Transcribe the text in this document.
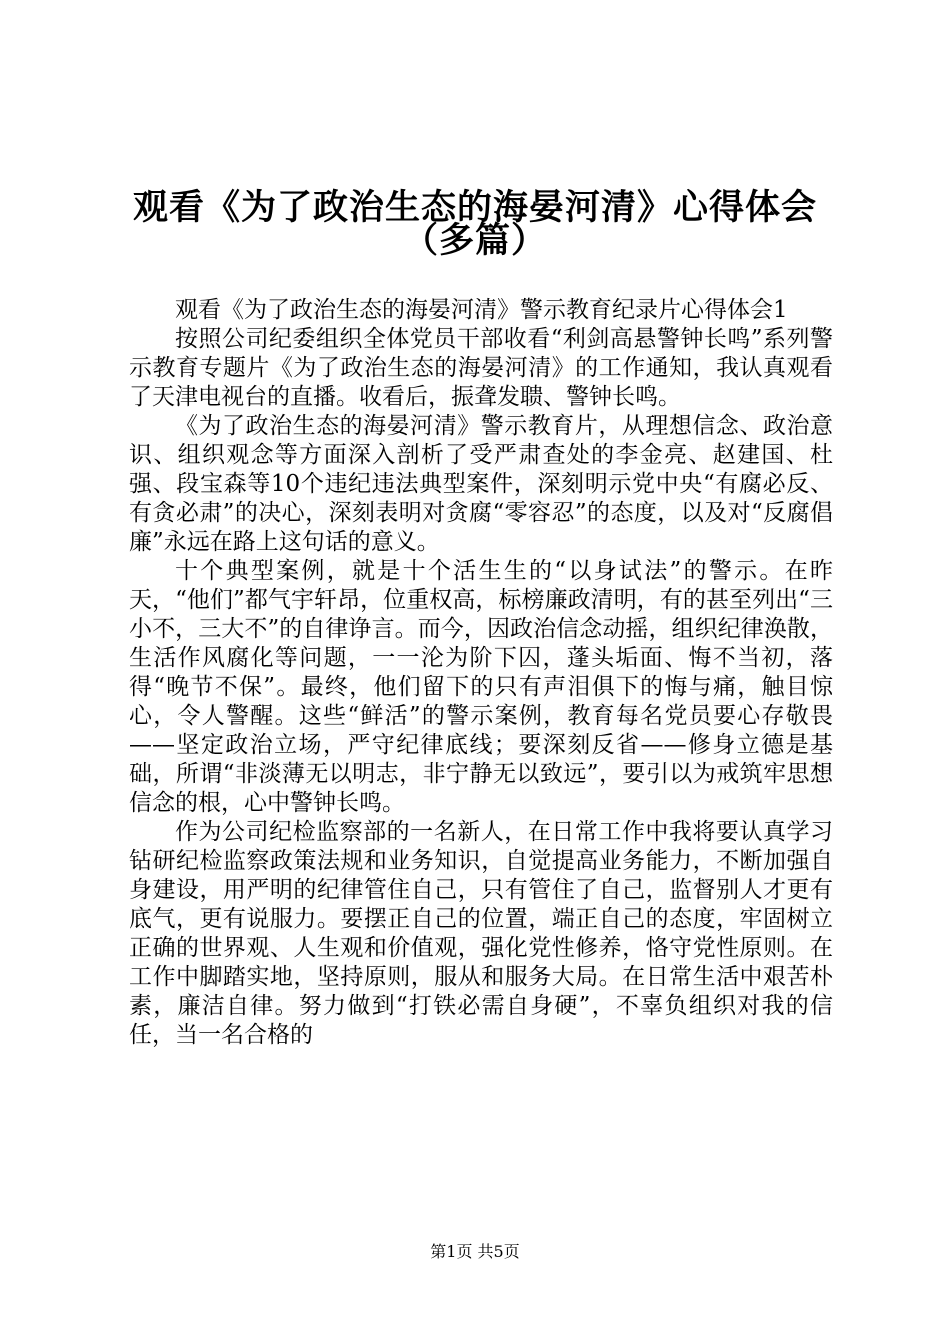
观看《为了政治生态的海晏河清》心得体会
（多篇）

观看《为了政治生态的海晏河清》警示教育纪录片心得体会1

按照公司纪委组织全体党员干部收看“利剑高悬警钟长鸣”系列警示教育专题片《为了政治生态的海晏河清》的工作通知，我认真观看了天津电视台的直播。收看后，振聋发聩、警钟长鸣。

《为了政治生态的海晏河清》警示教育片，从理想信念、政治意识、组织观念等方面深入剖析了受严肃查处的李金亮、赵建国、杜强、段宝森等10个违纪违法典型案件，深刻明示党中央“有腐必反、有贪必肃”的决心，深刻表明对贪腐“零容忍”的态度，以及对“反腐倡廉”永远在路上这句话的意义。

十个典型案例，就是十个活生生的“以身试法”的警示。在昨天，“他们”都气宇轩昂，位重权高，标榜廉政清明，有的甚至列出“三小不，三大不”的自律诤言。而今，因政治信念动摇，组织纪律涣散，生活作风腐化等问题，一一沦为阶下囚，蓬头垢面、悔不当初，落得“晚节不保”。最终，他们留下的只有声泪俱下的悔与痛，触目惊心，令人警醒。这些“鲜活”的警示案例，教育每名党员要心存敬畏——坚定政治立场，严守纪律底线；要深刻反省——修身立德是基础，所谓“非淡薄无以明志，非宁静无以致远”，要引以为戒筑牢思想信念的根，心中警钟长鸣。

作为公司纪检监察部的一名新人，在日常工作中我将要认真学习钻研纪检监察政策法规和业务知识，自觉提高业务能力，不断加强自身建设，用严明的纪律管住自己，只有管住了自己，监督别人才更有底气，更有说服力。要摆正自己的位置，端正自己的态度，牢固树立正确的世界观、人生观和价值观，强化党性修养，恪守党性原则。在工作中脚踏实地，坚持原则，服从和服务大局。在日常生活中艰苦朴素，廉洁自律。努力做到“打铁必需自身硬”，不辜负组织对我的信任，当一名合格的

第1页 共5页
